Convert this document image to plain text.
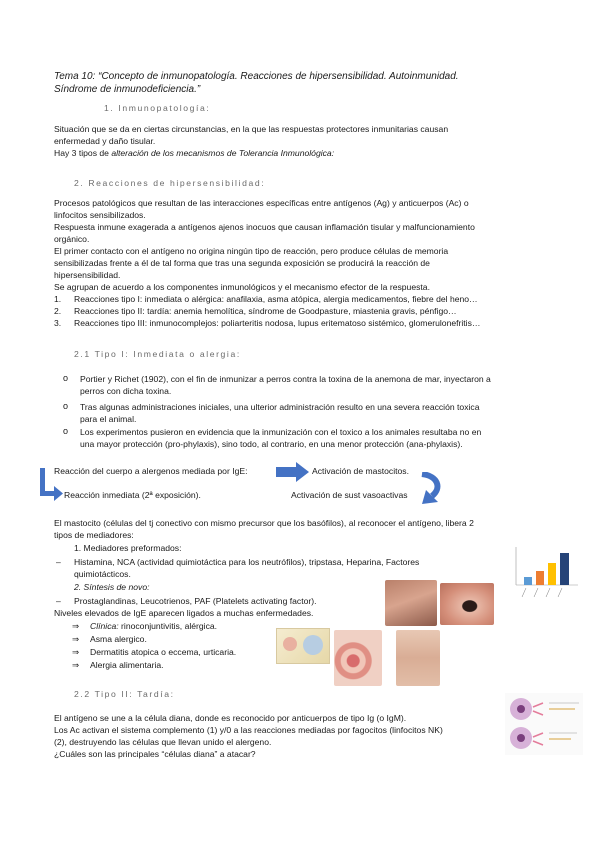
Tema 10: “Concepto de inmunopatología. Reacciones de hipersensibilidad. Autoinmunidad.
Síndrome de inmunodeficiencia.”
1. Inmunopatología:
Situación que se da en ciertas circunstancias, en la que las respuestas protectores inmunitarias causan
enfermedad y daño tisular.
Hay 3 tipos de alteración de los mecanismos de Tolerancia Inmunológica:
2. Reacciones de hipersensibilidad:
Procesos patológicos que resultan de las interacciones específicas entre antígenos (Ag) y anticuerpos (Ac) o
linfocitos sensibilizados.
Respuesta inmune exagerada a antígenos ajenos inocuos que causan inflamación tisular y malfuncionamiento
orgánico.
El primer contacto con el antígeno no origina ningún tipo de reacción, pero produce células de memoria
sensibilizadas frente a él de tal forma que tras una segunda exposición se producirá la reacción de
hipersensibilidad.
Se agrupan de acuerdo a los componentes inmunológicos y el mecanismo efector de la respuesta.
1. Reacciones tipo I: inmediata o alérgica: anafilaxia, asma atópica, alergia medicamentos, fiebre del heno…
2. Reacciones tipo II: tardía: anemia hemolítica, síndrome de Goodpasture, miastenia gravis, pénfigo…
3. Reacciones tipo III: inmunocomplejos: poliarteritis nodosa, lupus eritematoso sistémico, glomerulonefritis…
2.1 Tipo I: Inmediata o alergia:
o Portier y Richet (1902), con el fin de inmunizar a perros contra la toxina de la anemona de mar, inyectaron a
perros con dicha toxina.
o Tras algunas administraciones iniciales, una ulterior administración resulto en una severa reacción toxica
para el animal.
o Los experimentos pusieron en evidencia que la inmunización con el toxico a los animales resultaba no en
una mayor protección (pro-phylaxis), sino todo, al contrario, en una menor protección (ana-phylaxis).
Reacción del cuerpo a alergenos mediada por IgE:	Activación de mastocitos.
Reacción inmediata (2ª exposición).	Activación de sust vasoactivas
El mastocito (células del tj conectivo con mismo precursor que los basófilos), al reconocer el antígeno, libera 2
tipos de mediadores:
1. Mediadores preformados:
– Histamina, NCA (actividad quimiotáctica para los neutrófilos), tripstasa, Heparina, Factores
quimiotácticos.
2. Síntesis de novo:
– Prostaglandinas, Leucotrienos, PAF (Platelets activating factor).
Niveles elevados de IgE aparecen ligados a muchas enfermedades.
⇒ Clínica: rinoconjuntivitis, alérgica.
⇒ Asma alergico.
⇒ Dermatitis atopica o eccema, urticaria.
⇒ Alergia alimentaria.
2.2 Tipo II: Tardía:
El antígeno se une a la célula diana, donde es reconocido por anticuerpos de tipo Ig (o IgM).
Los Ac activan el sistema complemento (1) y/0 a las reacciones mediadas por fagocitos (linfocitos NK)
(2), destruyendo las células que llevan unido el alergeno.
¿Cuáles son las principales “células diana” a atacar?
